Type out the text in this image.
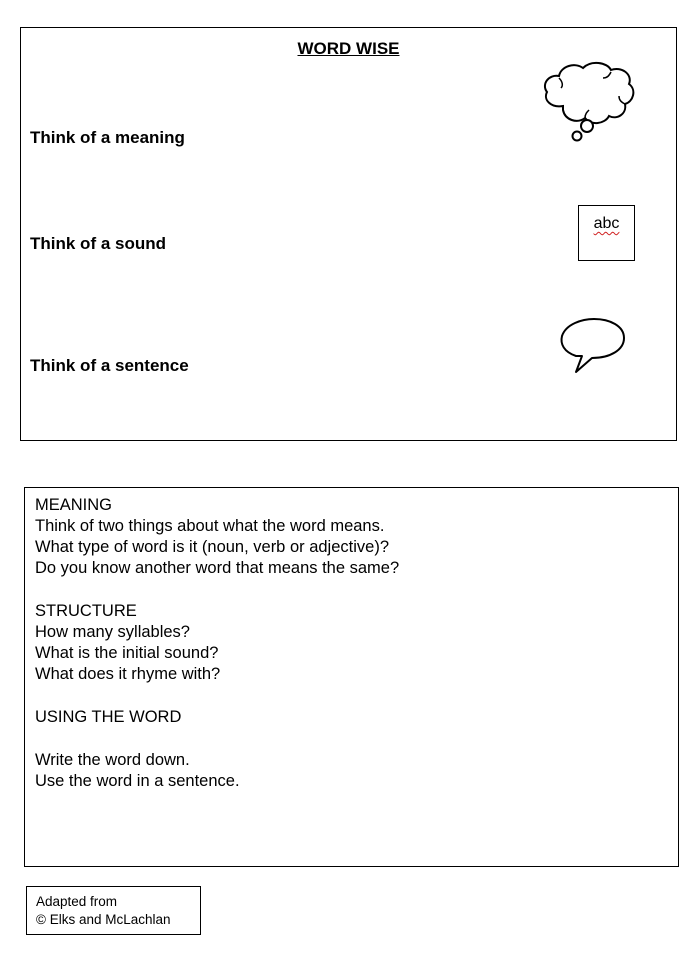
WORD WISE
Think of a meaning
Think of a sound
Think of a sentence
abc
MEANING
Think of two things about what the word means.
What type of word is it (noun, verb or adjective)?
Do you know another word that means the same?
STRUCTURE
How many syllables?
What is the initial sound?
What does it rhyme with?
USING THE WORD
Write the word down.
Use the word in a sentence.
Adapted from
© Elks and McLachlan
